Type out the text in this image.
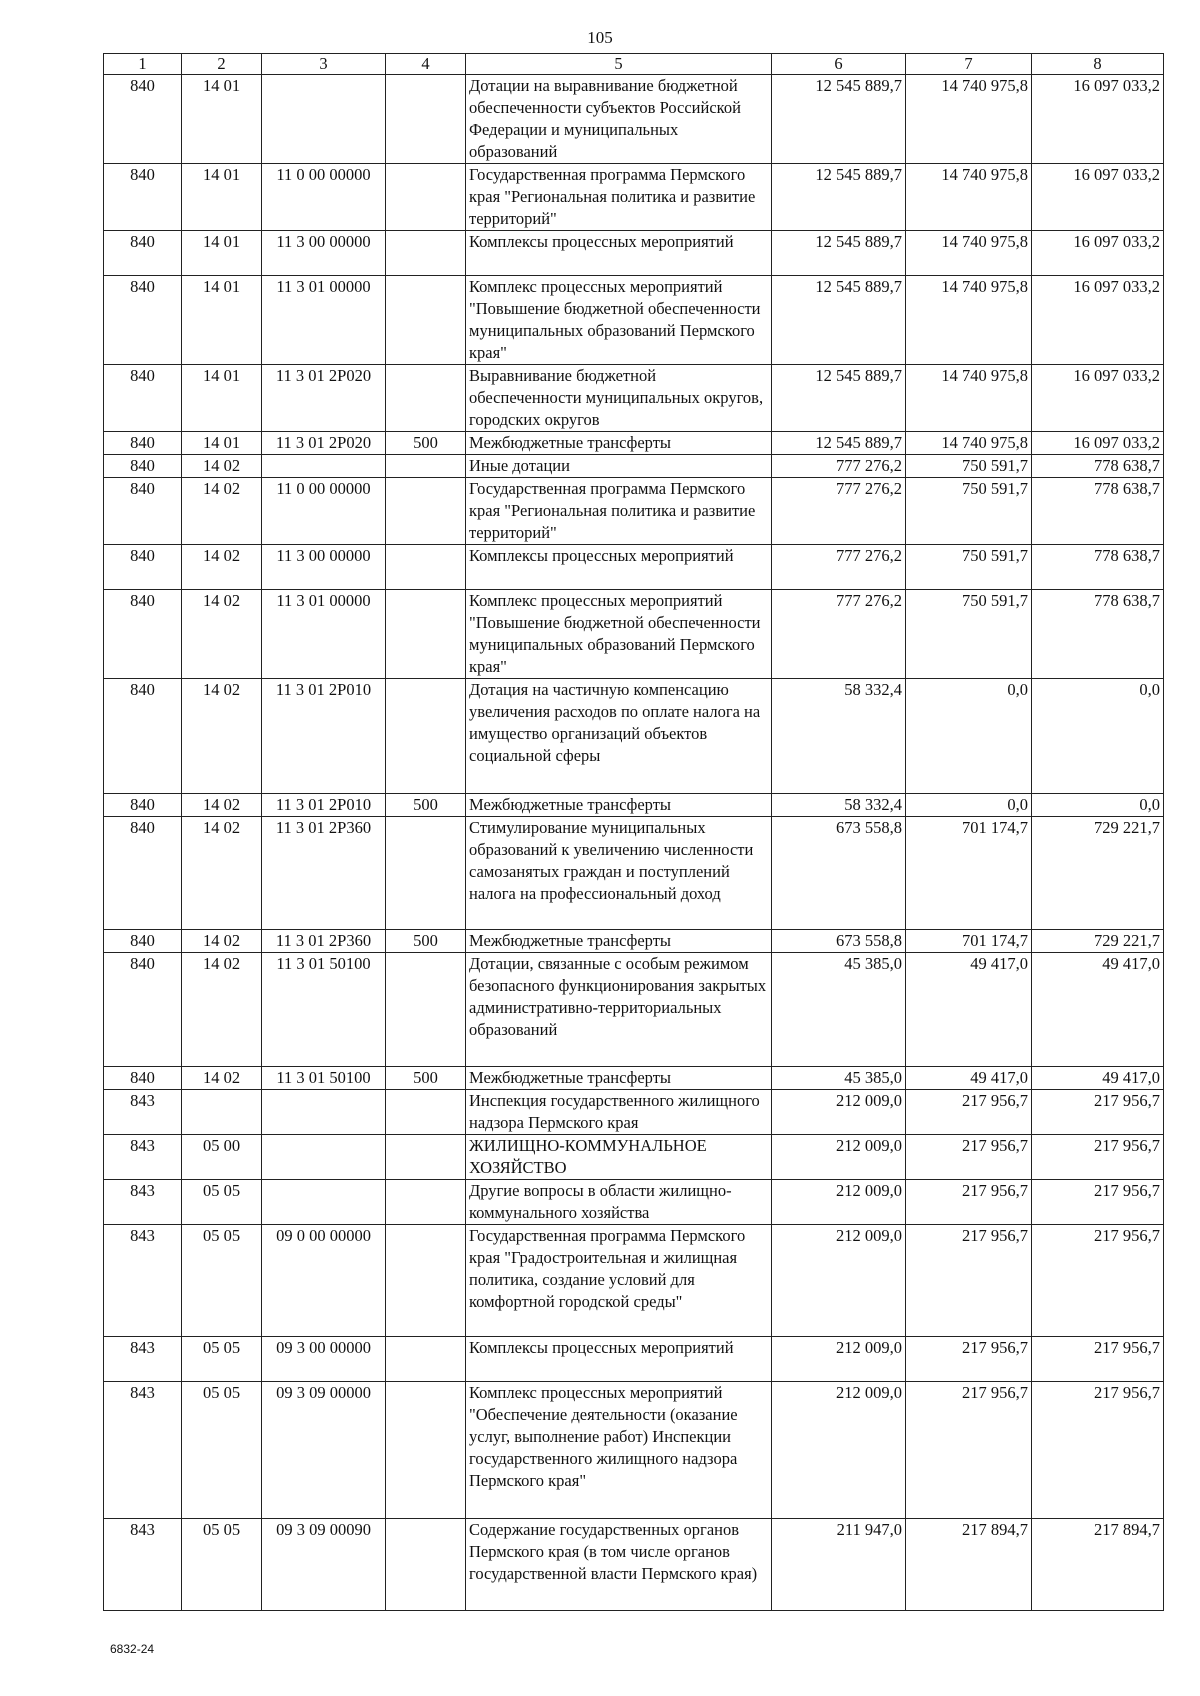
105
1	2	3	4	5	6	7	8
840	14 01			Дотации на выравнивание бюджетной обеспеченности субъектов Российской Федерации и муниципальных образований	12 545 889,7	14 740 975,8	16 097 033,2
840	14 01	11 0 00 00000		Государственная программа Пермского края "Региональная политика и развитие территорий"	12 545 889,7	14 740 975,8	16 097 033,2
840	14 01	11 3 00 00000		Комплексы процессных мероприятий	12 545 889,7	14 740 975,8	16 097 033,2
840	14 01	11 3 01 00000		Комплекс процессных мероприятий "Повышение бюджетной обеспеченности муниципальных образований Пермского края"	12 545 889,7	14 740 975,8	16 097 033,2
840	14 01	11 3 01 2Р020		Выравнивание бюджетной обеспеченности муниципальных округов, городских округов	12 545 889,7	14 740 975,8	16 097 033,2
840	14 01	11 3 01 2Р020	500	Межбюджетные трансферты	12 545 889,7	14 740 975,8	16 097 033,2
840	14 02			Иные дотации	777 276,2	750 591,7	778 638,7
840	14 02	11 0 00 00000		Государственная программа Пермского края "Региональная политика и развитие территорий"	777 276,2	750 591,7	778 638,7
840	14 02	11 3 00 00000		Комплексы процессных мероприятий	777 276,2	750 591,7	778 638,7
840	14 02	11 3 01 00000		Комплекс процессных мероприятий "Повышение бюджетной обеспеченности муниципальных образований Пермского края"	777 276,2	750 591,7	778 638,7
840	14 02	11 3 01 2Р010		Дотация на частичную компенсацию увеличения расходов по оплате налога на имущество организаций объектов социальной сферы	58 332,4	0,0	0,0
840	14 02	11 3 01 2Р010	500	Межбюджетные трансферты	58 332,4	0,0	0,0
840	14 02	11 3 01 2Р360		Стимулирование муниципальных образований к увеличению численности самозанятых граждан и поступлений налога на профессиональный доход	673 558,8	701 174,7	729 221,7
840	14 02	11 3 01 2Р360	500	Межбюджетные трансферты	673 558,8	701 174,7	729 221,7
840	14 02	11 3 01 50100		Дотации, связанные с особым режимом безопасного функционирования закрытых административно-территориальных образований	45 385,0	49 417,0	49 417,0
840	14 02	11 3 01 50100	500	Межбюджетные трансферты	45 385,0	49 417,0	49 417,0
843				Инспекция государственного жилищного надзора Пермского края	212 009,0	217 956,7	217 956,7
843	05 00			ЖИЛИЩНО-КОММУНАЛЬНОЕ ХОЗЯЙСТВО	212 009,0	217 956,7	217 956,7
843	05 05			Другие вопросы в области жилищно-коммунального хозяйства	212 009,0	217 956,7	217 956,7
843	05 05	09 0 00 00000		Государственная программа Пермского края "Градостроительная и жилищная политика, создание условий для комфортной городской среды"	212 009,0	217 956,7	217 956,7
843	05 05	09 3 00 00000		Комплексы процессных мероприятий	212 009,0	217 956,7	217 956,7
843	05 05	09 3 09 00000		Комплекс процессных мероприятий "Обеспечение деятельности (оказание услуг, выполнение работ) Инспекции государственного жилищного надзора Пермского края"	212 009,0	217 956,7	217 956,7
843	05 05	09 3 09 00090		Содержание государственных органов Пермского края (в том числе органов государственной власти Пермского края)	211 947,0	217 894,7	217 894,7
6832-24
